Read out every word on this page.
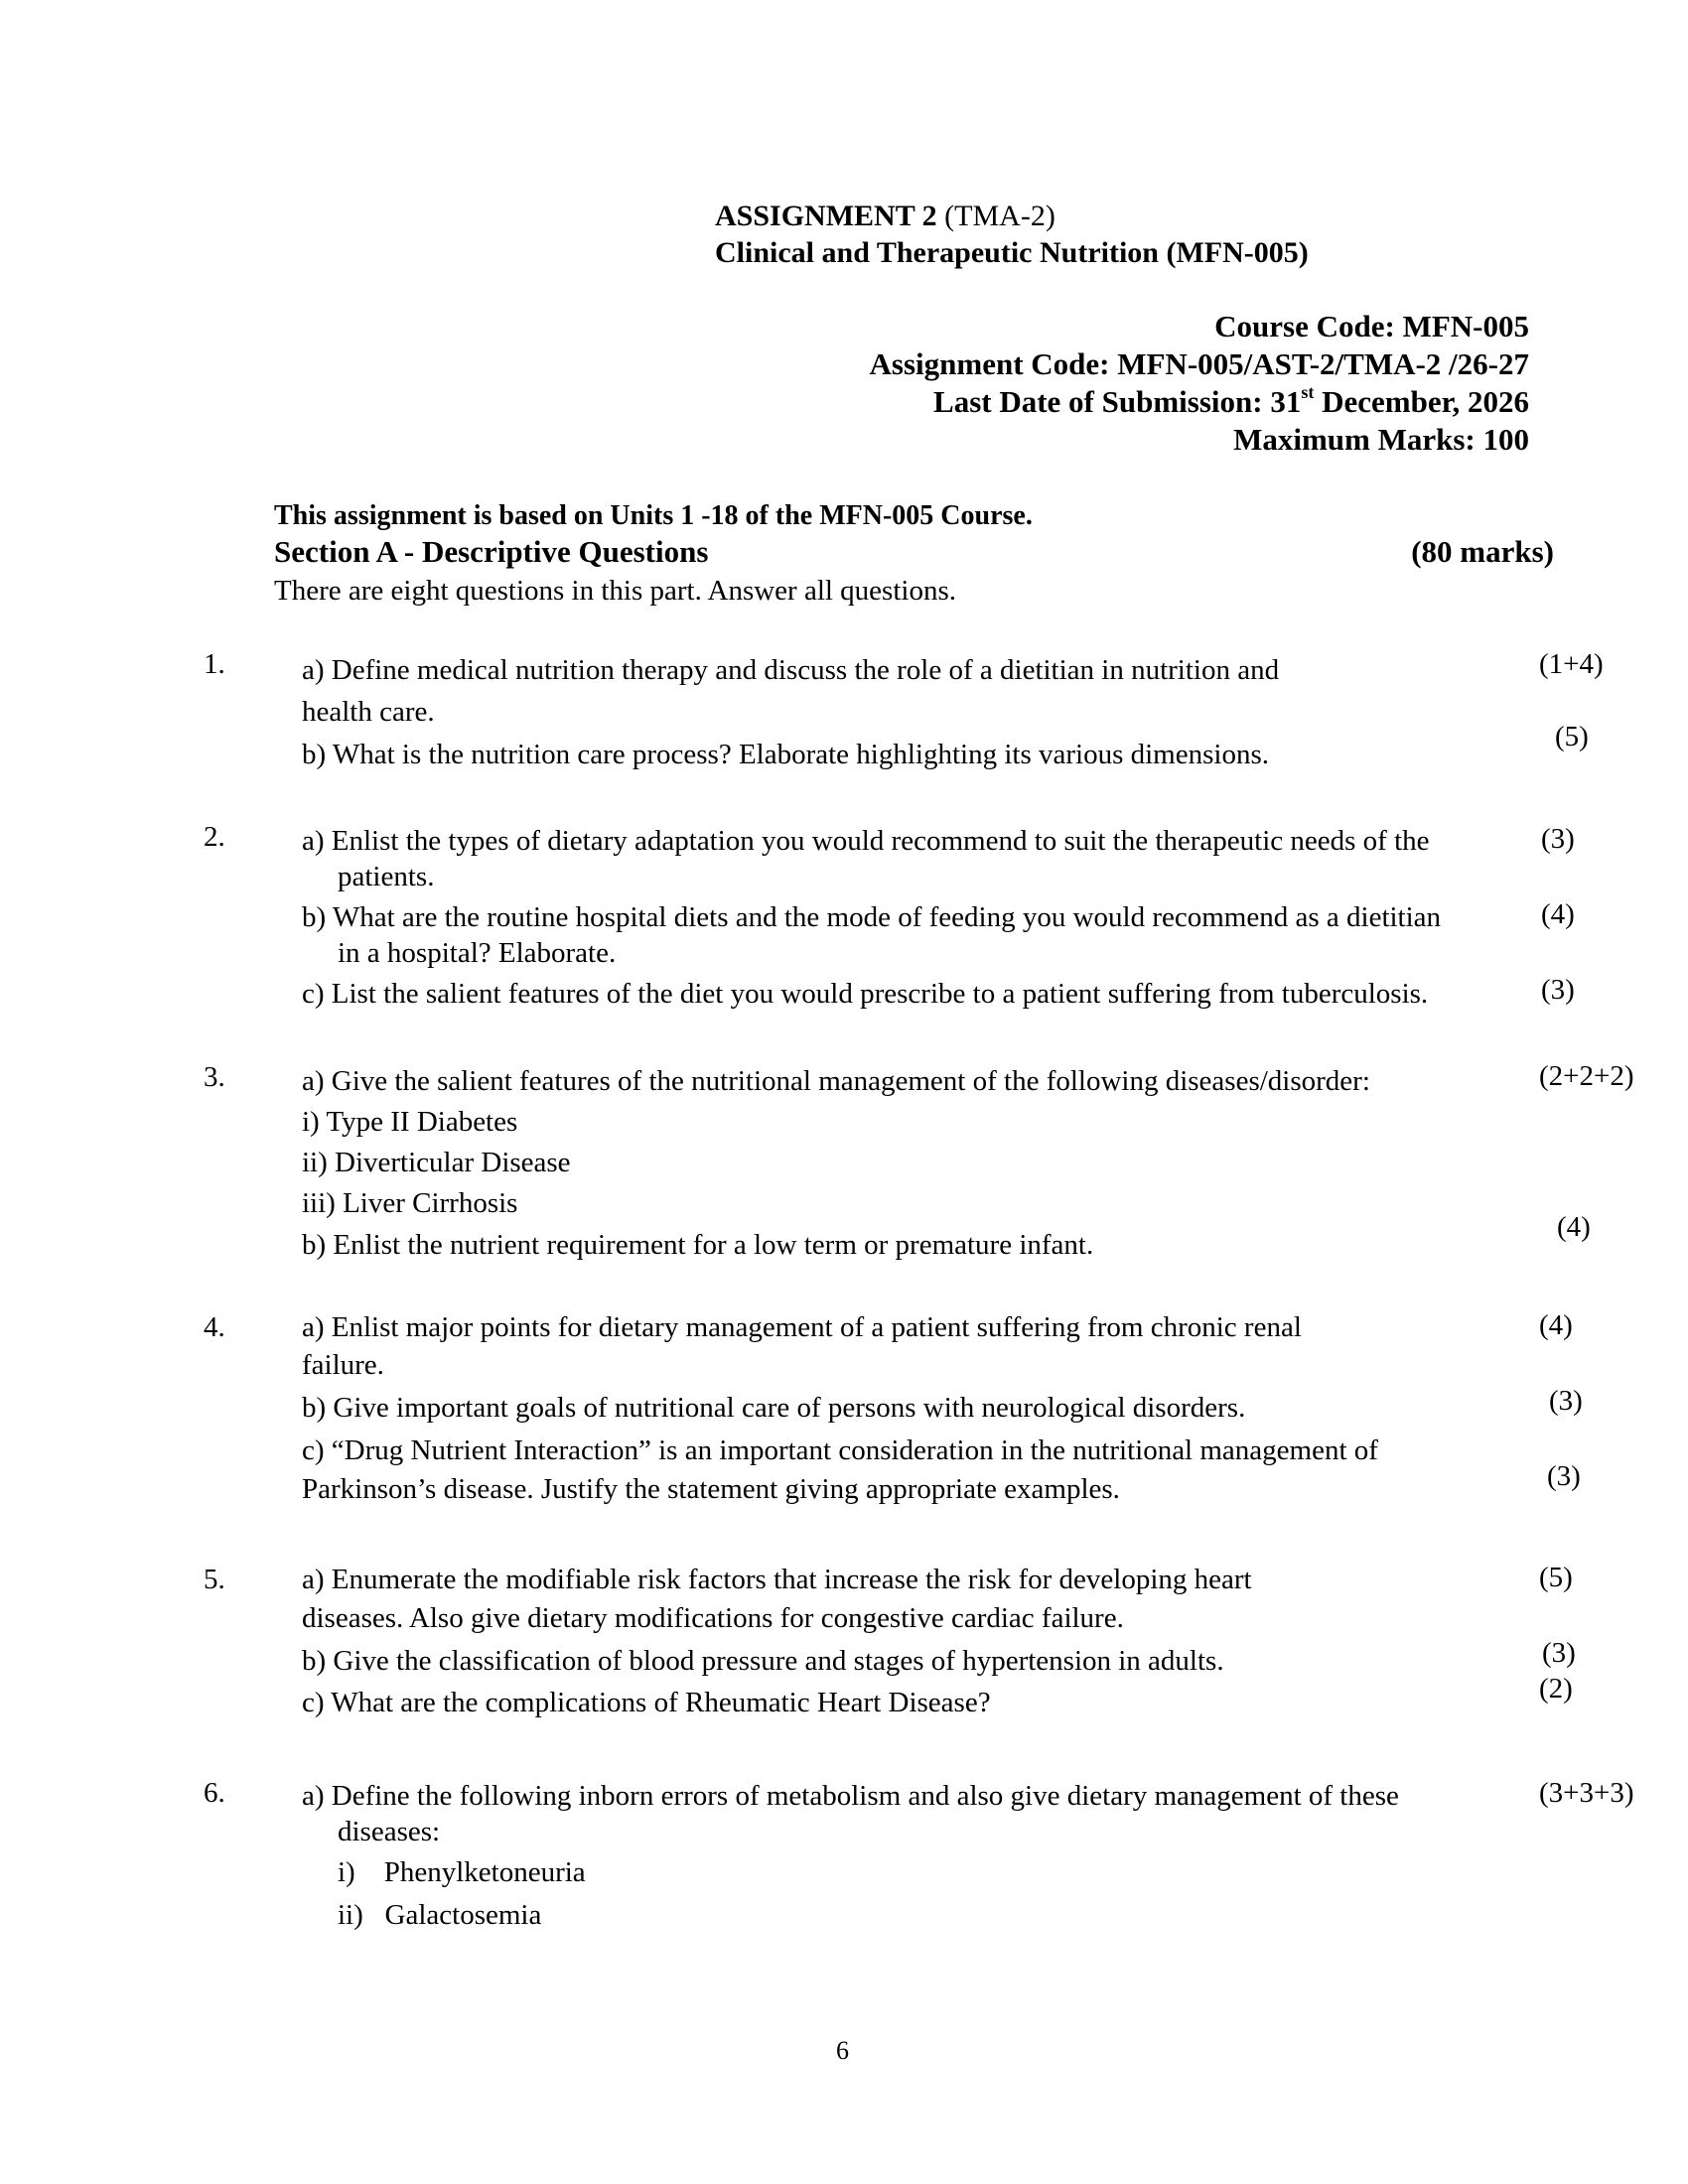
ASSIGNMENT 2 (TMA-2)
Clinical and Therapeutic Nutrition (MFN-005)
Course Code: MFN-005
Assignment Code: MFN-005/AST-2/TMA-2 /26-27
Last Date of Submission: 31st December, 2026
Maximum Marks: 100
This assignment is based on Units 1 -18 of the MFN-005 Course.
Section A - Descriptive Questions	(80 marks)
There are eight questions in this part. Answer all questions.
1.	a) Define medical nutrition therapy and discuss the role of a dietitian in nutrition and
health care.
b) What is the nutrition care process? Elaborate highlighting its various dimensions.
(1+4)
(5)
2.	a) Enlist the types of dietary adaptation you would recommend to suit the therapeutic needs of the
patients.
b) What are the routine hospital diets and the mode of feeding you would recommend as a dietitian
in a hospital? Elaborate.
c) List the salient features of the diet you would prescribe to a patient suffering from tuberculosis.
(3)
(4)
(3)
3.	a) Give the salient features of the nutritional management of the following diseases/disorder:
i) Type II Diabetes
ii) Diverticular Disease
iii) Liver Cirrhosis
b) Enlist the nutrient requirement for a low term or premature infant.
(2+2+2)
(4)
4.	a) Enlist major points for dietary management of a patient suffering from chronic renal
failure.
b) Give important goals of nutritional care of persons with neurological disorders.
c) “Drug Nutrient Interaction” is an important consideration in the nutritional management of
Parkinson’s disease. Justify the statement giving appropriate examples.
(4)
(3)
(3)
5.	a) Enumerate the modifiable risk factors that increase the risk for developing heart
diseases. Also give dietary modifications for congestive cardiac failure.
b) Give the classification of blood pressure and stages of hypertension in adults.
c) What are the complications of Rheumatic Heart Disease?
(5)
(3)
(2)
6.	a) Define the following inborn errors of metabolism and also give dietary management of these
diseases:
i)    Phenylketoneuria
ii)   Galactosemia
(3+3+3)
6
